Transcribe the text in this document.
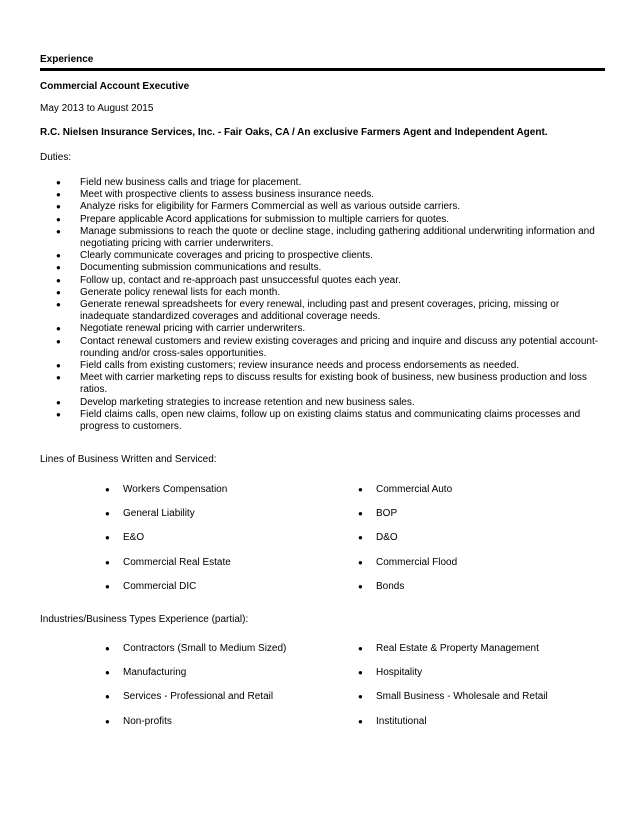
Experience
Commercial Account Executive
May 2013 to August 2015
R.C. Nielsen Insurance Services, Inc. - Fair Oaks, CA / An exclusive Farmers Agent and Independent Agent.
Duties:
● Field new business calls and triage for placement.
● Meet with prospective clients to assess business insurance needs.
● Analyze risks for eligibility for Farmers Commercial as well as various outside carriers.
● Prepare applicable Acord applications for submission to multiple carriers for quotes.
● Manage submissions to reach the quote or decline stage, including gathering additional underwriting information and negotiating pricing with carrier underwriters.
● Clearly communicate coverages and pricing to prospective clients.
● Documenting submission communications and results.
● Follow up, contact and re-approach past unsuccessful quotes each year.
● Generate policy renewal lists for each month.
● Generate renewal spreadsheets for every renewal, including past and present coverages, pricing, missing or inadequate standardized coverages and additional coverage needs.
● Negotiate renewal pricing with carrier underwriters.
● Contact renewal customers and review existing coverages and pricing and inquire and discuss any potential account-rounding and/or cross-sales opportunities.
● Field calls from existing customers; review insurance needs and process endorsements as needed.
● Meet with carrier marketing reps to discuss results for existing book of business, new business production and loss ratios.
● Develop marketing strategies to increase retention and new business sales.
● Field claims calls, open new claims, follow up on existing claims status and communicating claims processes and progress to customers.
Lines of Business Written and Serviced:
● Workers Compensation
● General Liability
● E&O
● Commercial Real Estate
● Commercial DIC
● Commercial Auto
● BOP
● D&O
● Commercial Flood
● Bonds
Industries/Business Types Experience (partial):
● Contractors (Small to Medium Sized)
● Manufacturing
● Services - Professional and Retail
● Non-profits
● Real Estate & Property Management
● Hospitality
● Small Business - Wholesale and Retail
● Institutional
